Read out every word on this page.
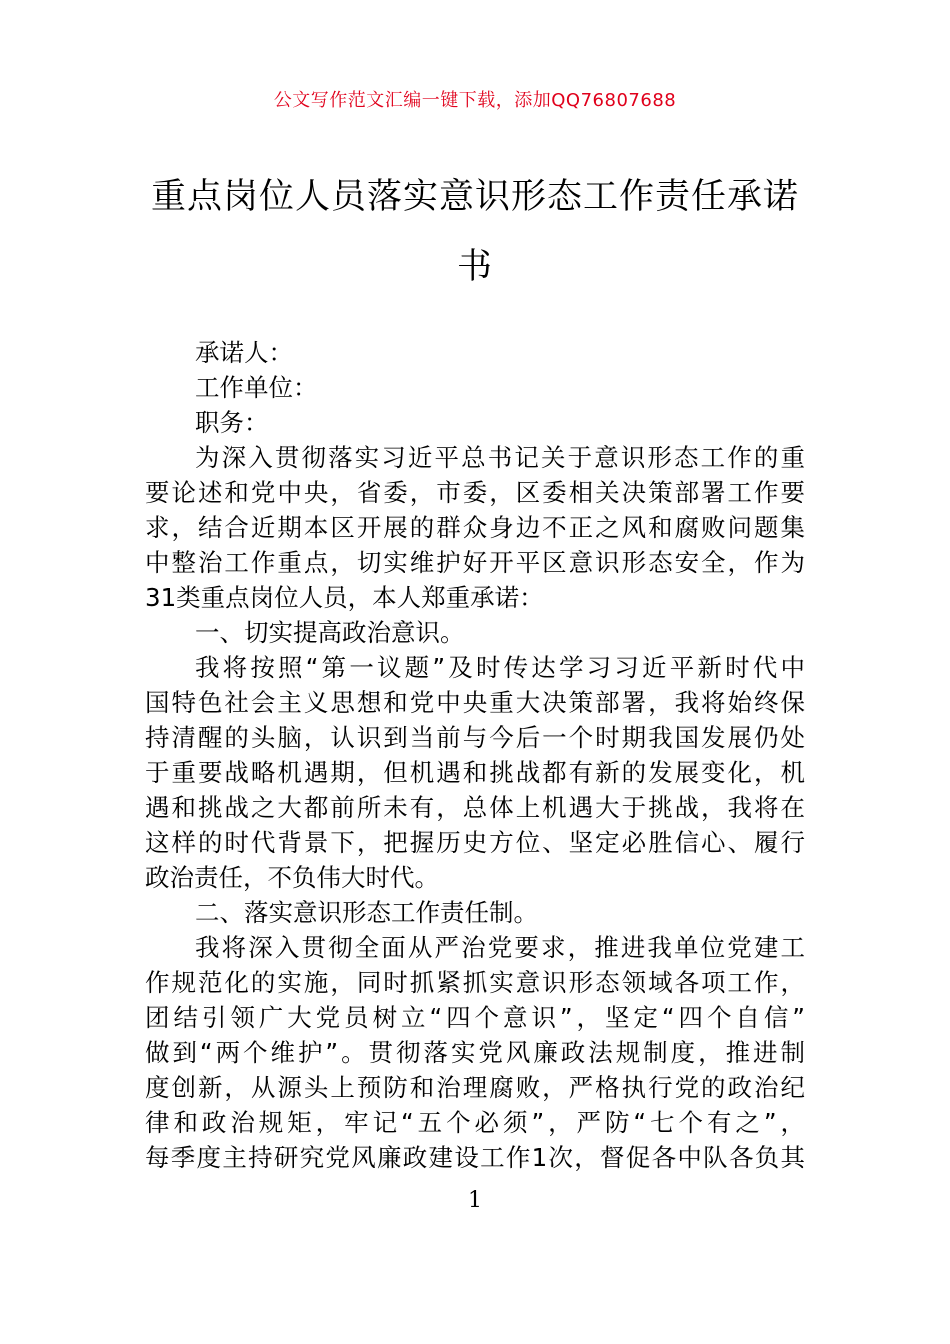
公文写作范文汇编一键下载，添加QQ76807688
重点岗位人员落实意识形态工作责任承诺
书
承诺人：
工作单位：
职务：
为深入贯彻落实习近平总书记关于意识形态工作的重
要论述和党中央，省委，市委，区委相关决策部署工作要
求，结合近期本区开展的群众身边不正之风和腐败问题集
中整治工作重点，切实维护好开平区意识形态安全，作为
31类重点岗位人员，本人郑重承诺：
一、切实提高政治意识。
我将按照“第一议题”及时传达学习习近平新时代中
国特色社会主义思想和党中央重大决策部署，我将始终保
持清醒的头脑，认识到当前与今后一个时期我国发展仍处
于重要战略机遇期，但机遇和挑战都有新的发展变化，机
遇和挑战之大都前所未有，总体上机遇大于挑战，我将在
这样的时代背景下，把握历史方位、坚定必胜信心、履行
政治责任，不负伟大时代。
二、落实意识形态工作责任制。
我将深入贯彻全面从严治党要求，推进我单位党建工
作规范化的实施，同时抓紧抓实意识形态领域各项工作，
团结引领广大党员树立“四个意识”，坚定“四个自信”
做到“两个维护”。贯彻落实党风廉政法规制度，推进制
度创新，从源头上预防和治理腐败，严格执行党的政治纪
律和政治规矩，牢记“五个必须”，严防“七个有之”，
每季度主持研究党风廉政建设工作1次，督促各中队各负其
1
